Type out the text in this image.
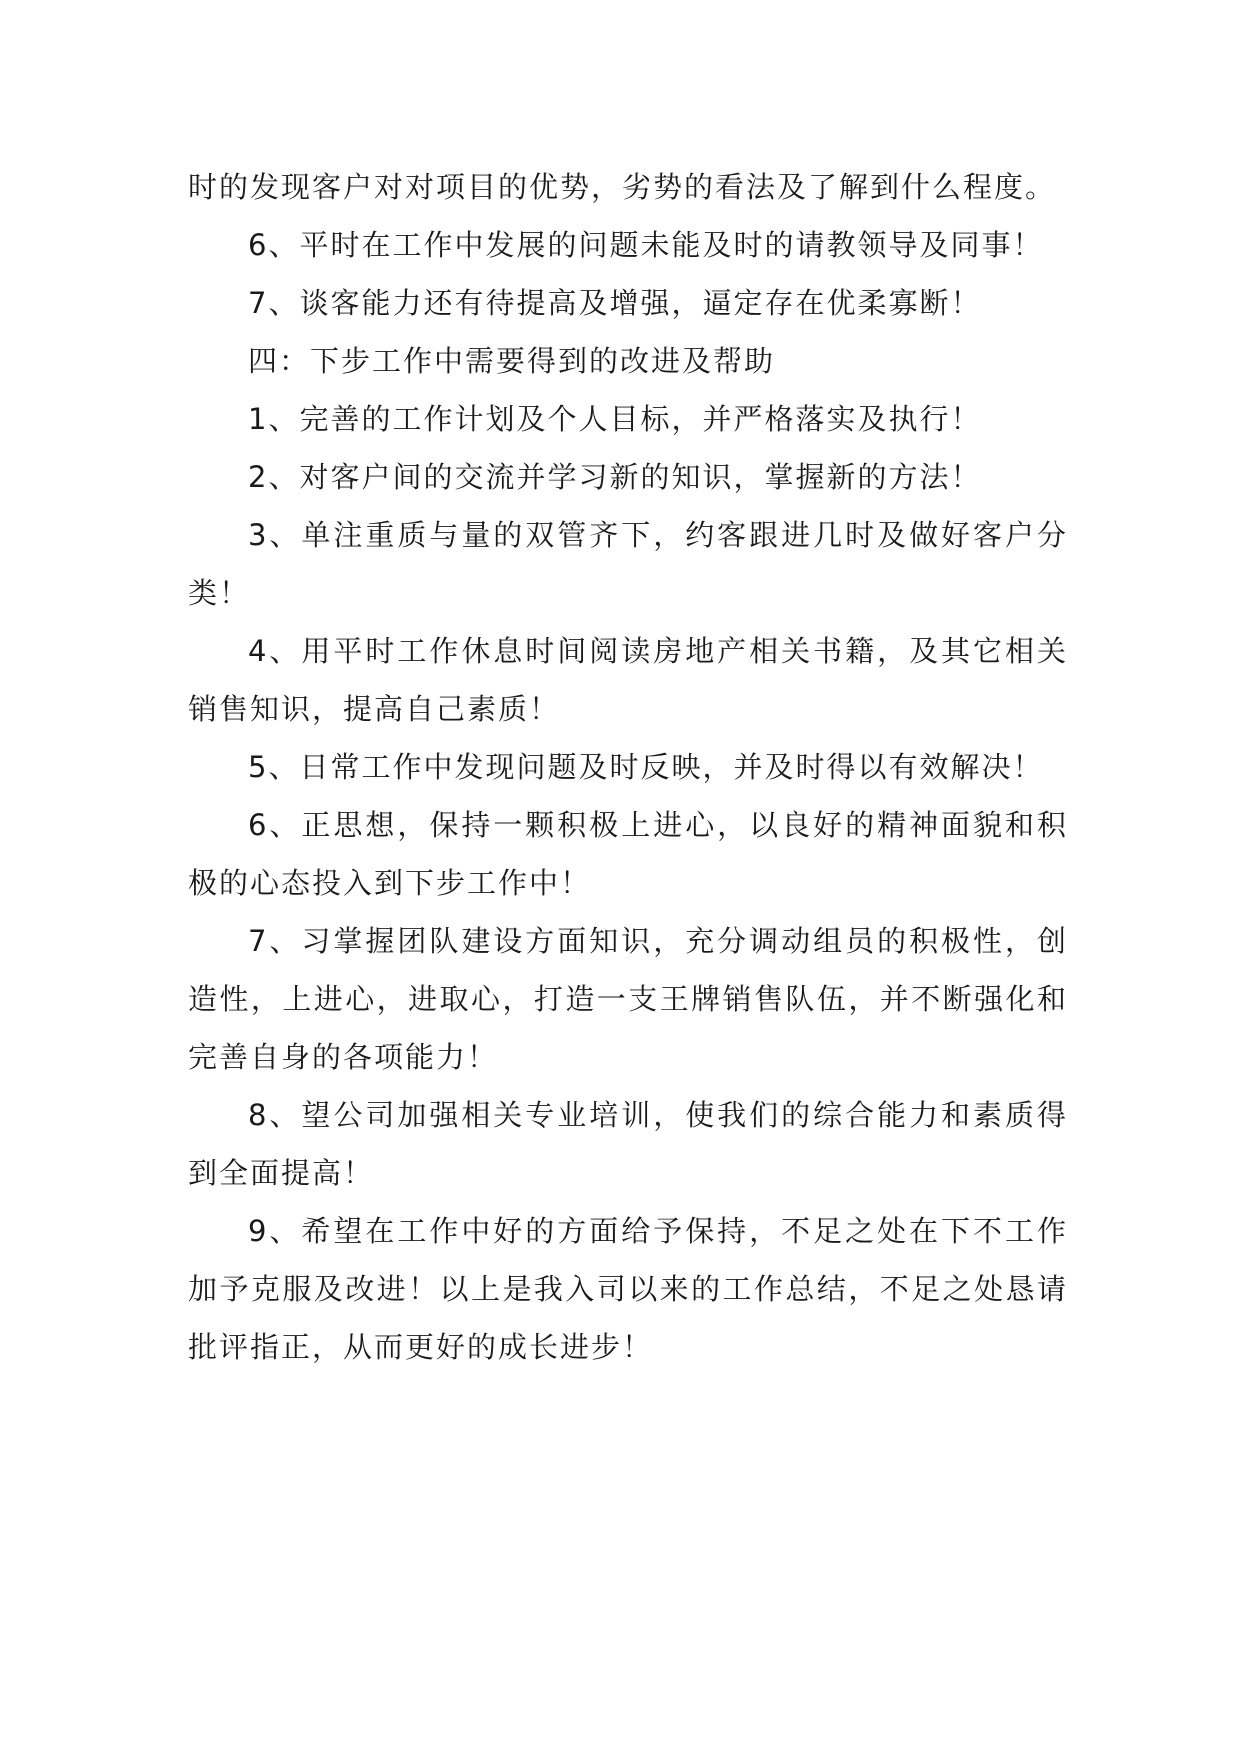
时的发现客户对对项目的优势，劣势的看法及了解到什么程度。

6、平时在工作中发展的问题未能及时的请教领导及同事！

7、谈客能力还有待提高及增强，逼定存在优柔寡断！

四：下步工作中需要得到的改进及帮助

1、完善的工作计划及个人目标，并严格落实及执行！

2、对客户间的交流并学习新的知识，掌握新的方法！

3、单注重质与量的双管齐下，约客跟进几时及做好客户分类！

4、用平时工作休息时间阅读房地产相关书籍，及其它相关销售知识，提高自己素质！

5、日常工作中发现问题及时反映，并及时得以有效解决！

6、正思想，保持一颗积极上进心，以良好的精神面貌和积极的心态投入到下步工作中！

7、习掌握团队建设方面知识，充分调动组员的积极性，创造性，上进心，进取心，打造一支王牌销售队伍，并不断强化和完善自身的各项能力！

8、望公司加强相关专业培训，使我们的综合能力和素质得到全面提高！

9、希望在工作中好的方面给予保持，不足之处在下不工作加予克服及改进！以上是我入司以来的工作总结，不足之处恳请批评指正，从而更好的成长进步！
